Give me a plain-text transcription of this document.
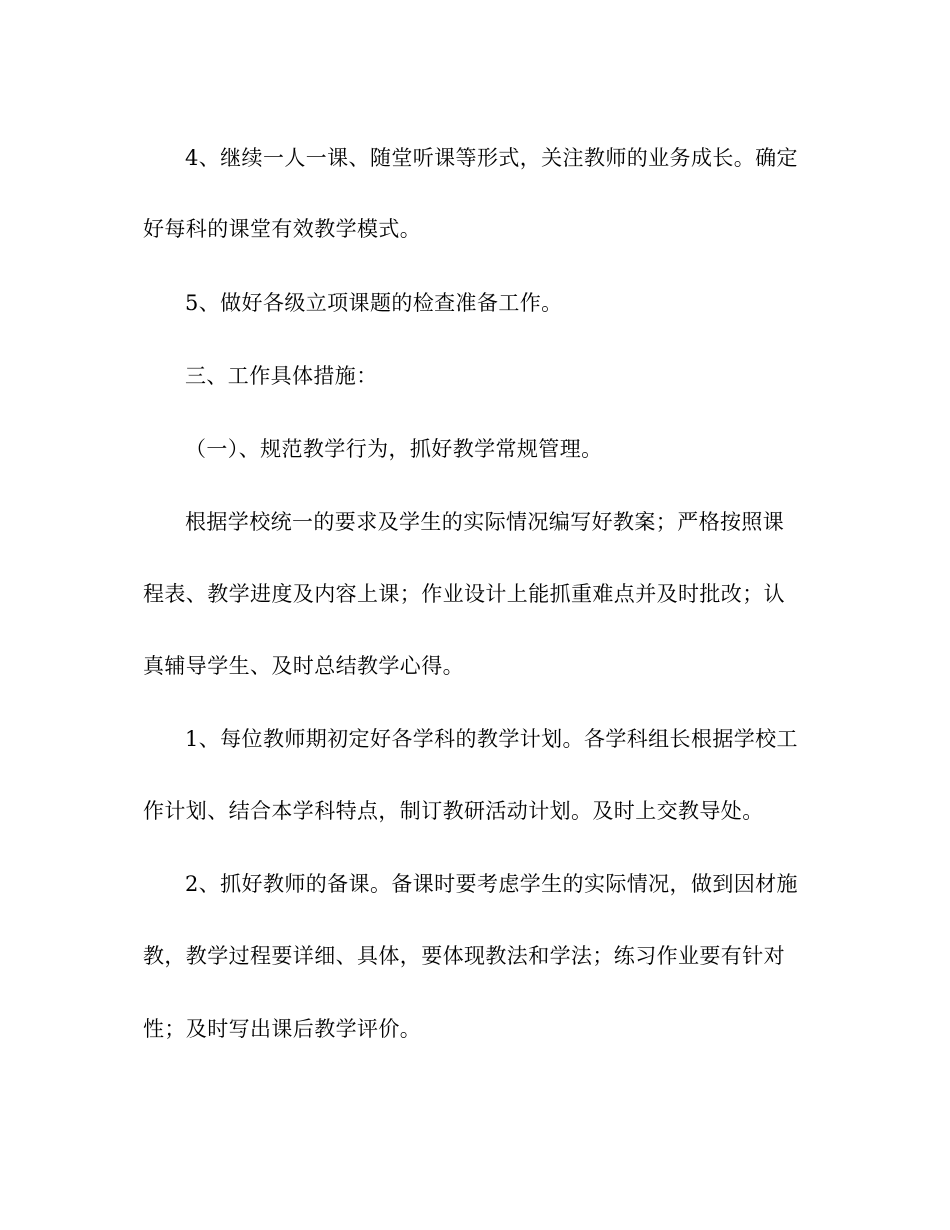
4、继续一人一课、随堂听课等形式，关注教师的业务成长。确定
好每科的课堂有效教学模式。
5、做好各级立项课题的检查准备工作。
三、工作具体措施：
（一）、规范教学行为，抓好教学常规管理。
根据学校统一的要求及学生的实际情况编写好教案；严格按照课
程表、教学进度及内容上课；作业设计上能抓重难点并及时批改；认
真辅导学生、及时总结教学心得。
1、每位教师期初定好各学科的教学计划。各学科组长根据学校工
作计划、结合本学科特点，制订教研活动计划。及时上交教导处。
2、抓好教师的备课。备课时要考虑学生的实际情况，做到因材施
教，教学过程要详细、具体，要体现教法和学法；练习作业要有针对
性；及时写出课后教学评价。
